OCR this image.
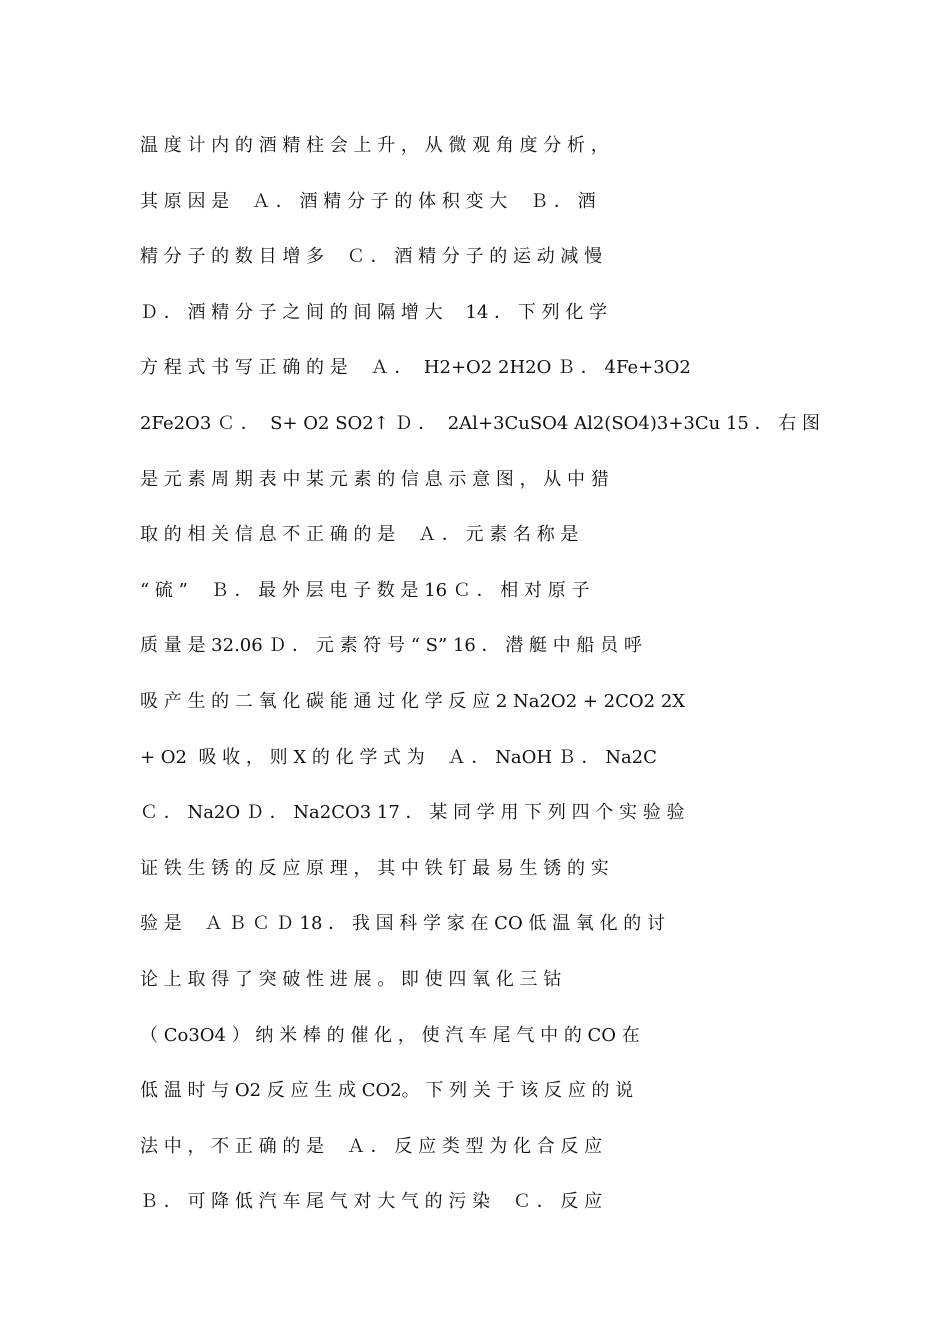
温 度 计 内 的 酒 精 柱 会 上 升 ， 从 微 观 角 度 分 析 ，
其 原 因 是    Ａ ． 酒 精 分 子 的 体 积 变 大    Ｂ ． 酒
精 分 子 的 数 目 增 多    Ｃ ． 酒 精 分 子 的 运 动 减 慢
Ｄ ． 酒 精 分 子 之 间 的 间 隔 增 大    14 ． 下 列 化 学
方 程 式 书 写 正 确 的 是    Ａ ．  H2+O2 2H2O Ｂ ． 4Fe+3O2
2Fe2O3 Ｃ ．  S+ O2 SO2↑ Ｄ ．  2Al+3CuSO4 Al2(SO4)3+3Cu 15 ． 右 图
是 元 素 周 期 表 中 某 元 素 的 信 息 示 意 图 ， 从 中 猎
取 的 相 关 信 息 不 正 确 的 是    Ａ ． 元 素 名 称 是
“ 硫 ”    Ｂ ． 最 外 层 电 子 数 是 16 Ｃ ． 相 对 原 子
质 量 是 32.06 Ｄ ． 元 素 符 号 “ S” 16 ． 潜 艇 中 船 员 呼
吸 产 生 的 二 氧 化 碳 能 通 过 化 学 反 应 2 Na2O2 + 2CO2 2X
+ O2  吸 收 ， 则 X 的 化 学 式 为    Ａ ． NaOH Ｂ ． Na2C
Ｃ ． Na2O Ｄ ． Na2CO3 17 ． 某 同 学 用 下 列 四 个 实 验 验
证 铁 生 锈 的 反 应 原 理 ， 其 中 铁 钉 最 易 生 锈 的 实
验 是    Ａ Ｂ Ｃ Ｄ 18 ． 我 国 科 学 家 在 CO 低 温 氧 化 的 讨
论 上 取 得 了 突 破 性 进 展 。 即 使 四 氧 化 三 钴
（ Co3O4 ） 纳 米 棒 的 催 化 ， 使 汽 车 尾 气 中 的 CO 在
低 温 时 与 O2 反 应 生 成 CO2。 下 列 关 于 该 反 应 的 说
法 中 ， 不 正 确 的 是    Ａ ． 反 应 类 型 为 化 合 反 应
Ｂ ． 可 降 低 汽 车 尾 气 对 大 气 的 污 染    Ｃ ． 反 应
